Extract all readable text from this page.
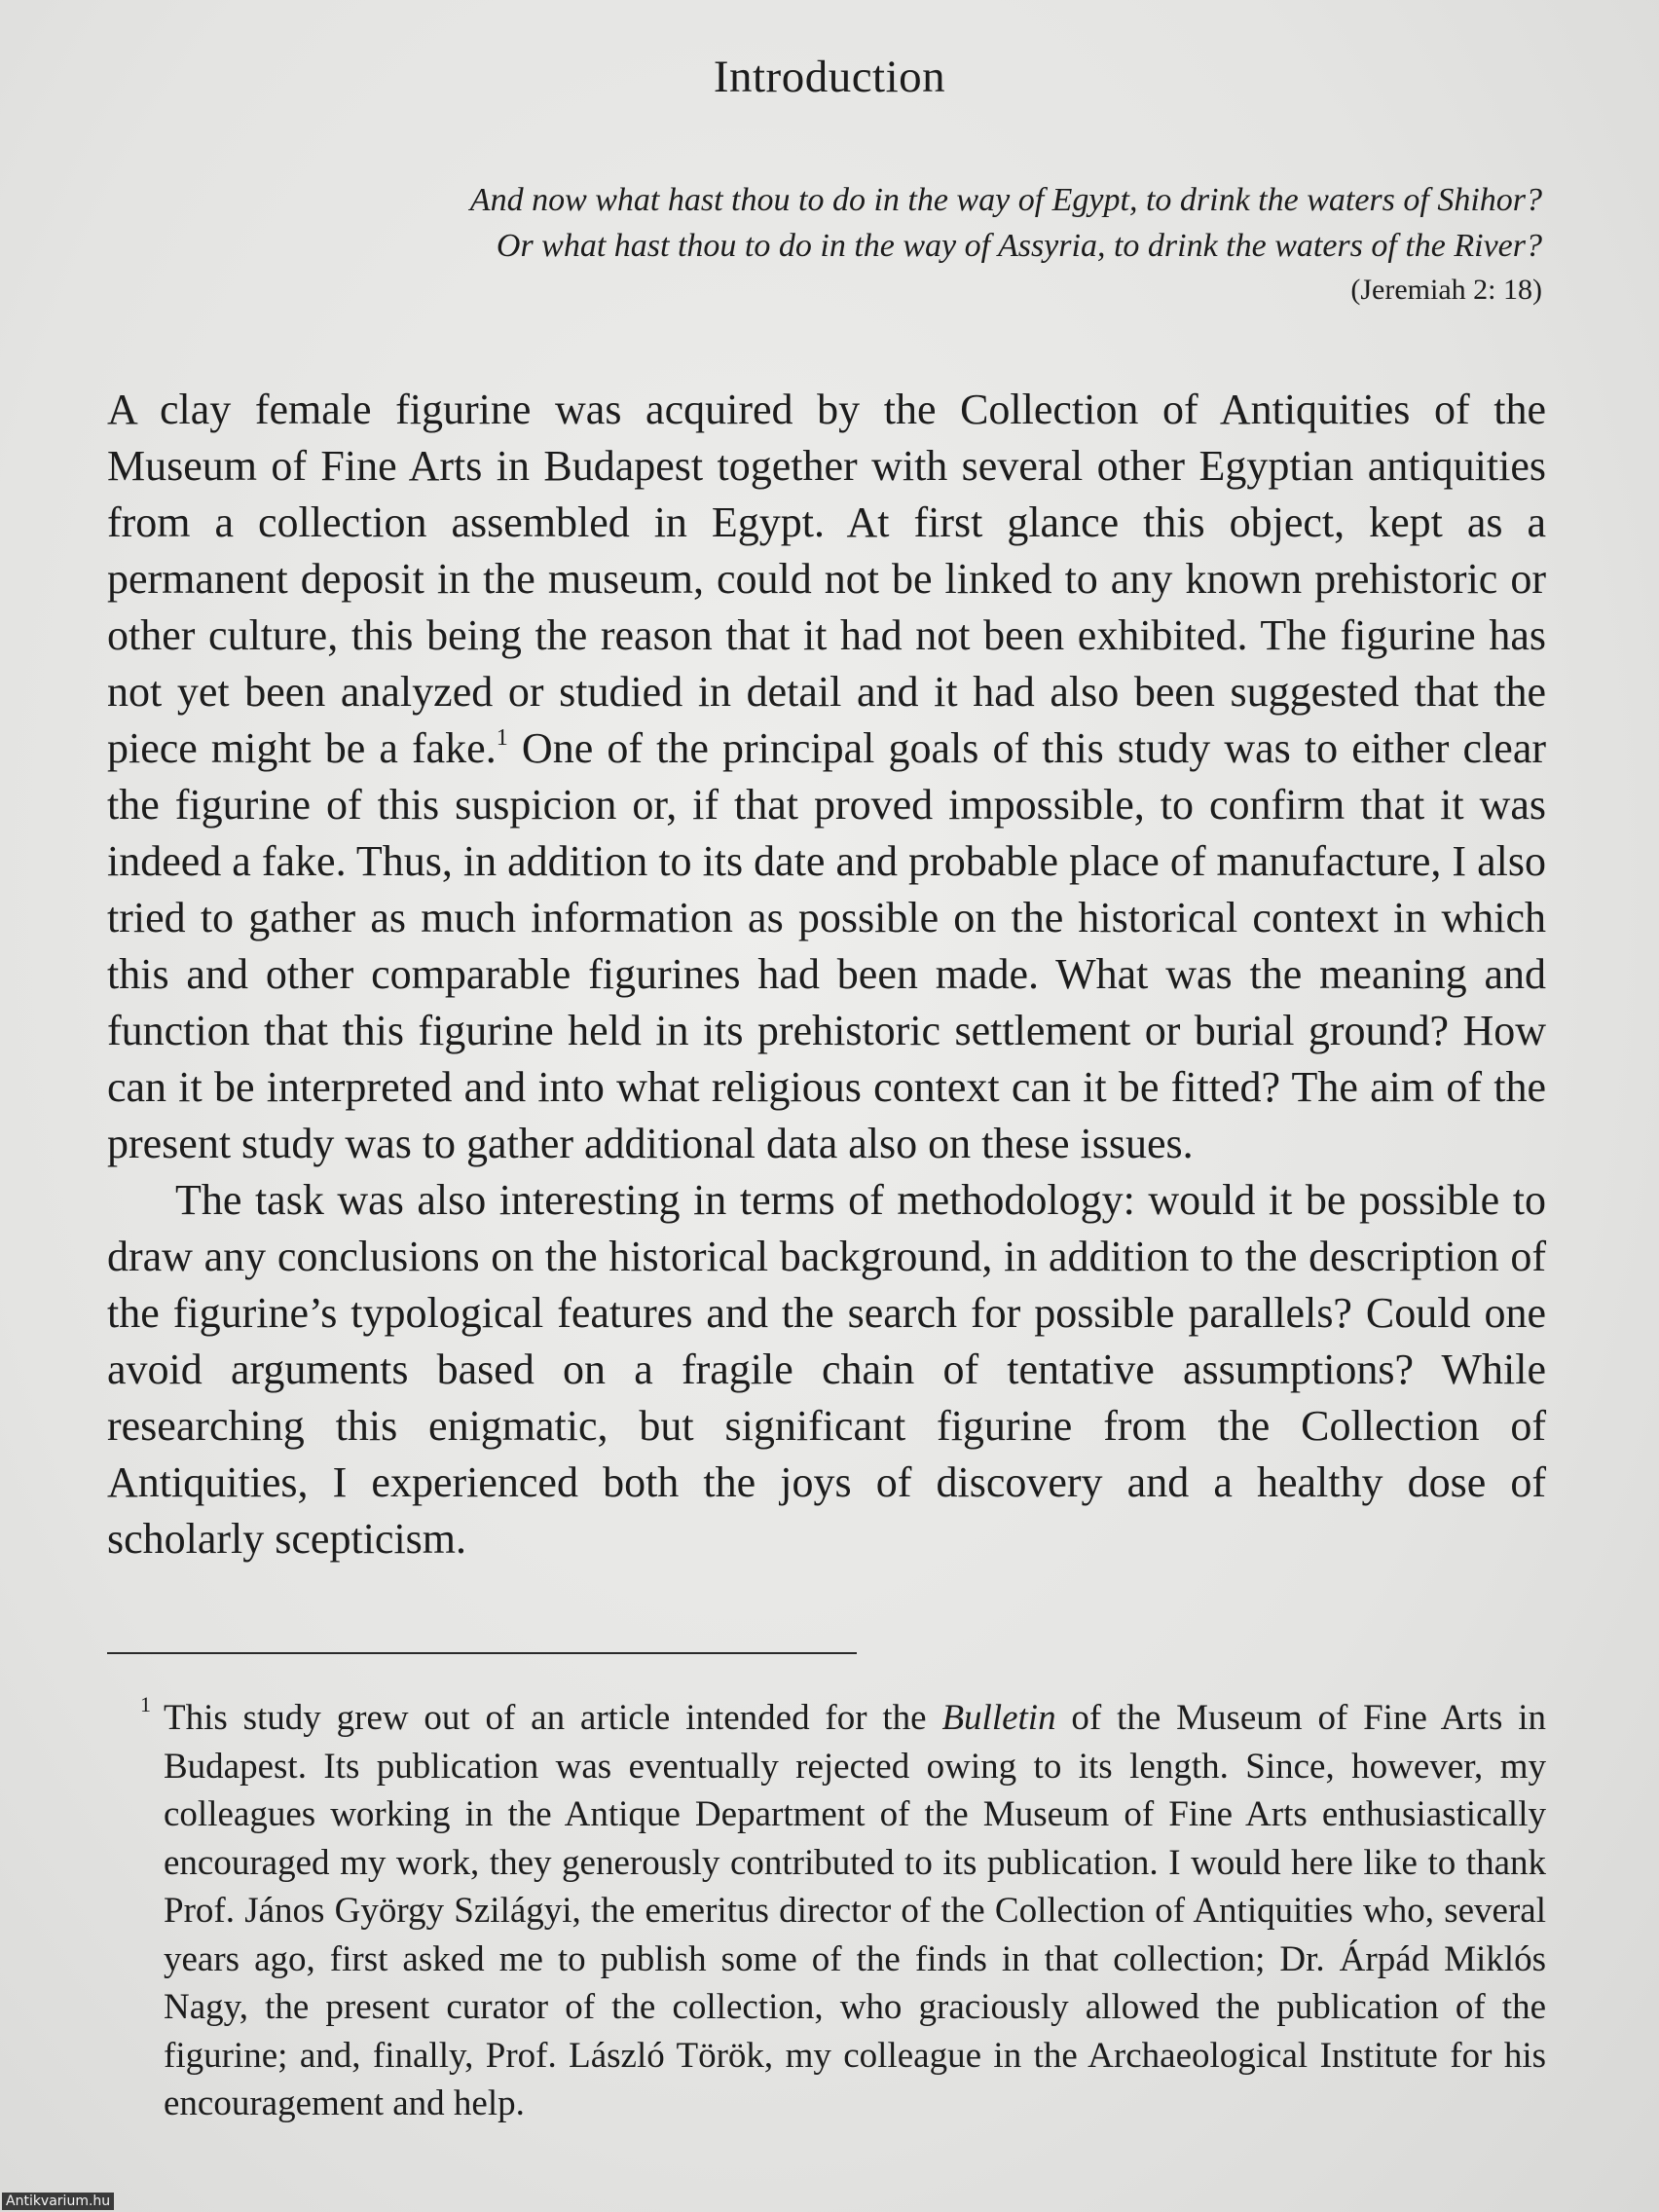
Introduction
And now what hast thou to do in the way of Egypt, to drink the waters of Shihor?
Or what hast thou to do in the way of Assyria, to drink the waters of the River?
(Jeremiah 2: 18)

A clay female figurine was acquired by the Collection of Antiquities of the Museum of Fine Arts in Budapest together with several other Egyptian antiquities from a collection assembled in Egypt. At first glance this object, kept as a permanent deposit in the museum, could not be linked to any known prehistoric or other culture, this being the reason that it had not been exhibited. The figurine has not yet been analyzed or studied in detail and it had also been suggested that the piece might be a fake.$^1$ One of the principal goals of this study was to either clear the figurine of this suspicion or, if that proved impossible, to confirm that it was indeed a fake. Thus, in addition to its date and probable place of manufacture, I also tried to gather as much information as possible on the historical context in which this and other comparable figurines had been made. What was the meaning and function that this figurine held in its prehistoric settlement or burial ground? How can it be interpreted and into what religious context can it be fitted? The aim of the present study was to gather additional data also on these issues.

The task was also interesting in terms of methodology: would it be possible to draw any conclusions on the historical background, in addition to the description of the figurine’s typological features and the search for possible parallels? Could one avoid arguments based on a fragile chain of tentative assumptions? While researching this enigmatic, but significant figurine from the Collection of Antiquities, I experienced both the joys of discovery and a healthy dose of scholarly scepticism.

1 This study grew out of an article intended for the Bulletin of the Museum of Fine Arts in Budapest. Its publication was eventually rejected owing to its length. Since, however, my colleagues working in the Antique Department of the Museum of Fine Arts enthusiastically encouraged my work, they generously contributed to its publication. I would here like to thank Prof. János György Szilágyi, the emeritus director of the Collection of Antiquities who, several years ago, first asked me to publish some of the finds in that collection; Dr. Árpád Miklós Nagy, the present curator of the collection, who graciously allowed the publication of the figurine; and, finally, Prof. László Török, my colleague in the Archaeological Institute for his encouragement and help.

Antikvarium.hu
